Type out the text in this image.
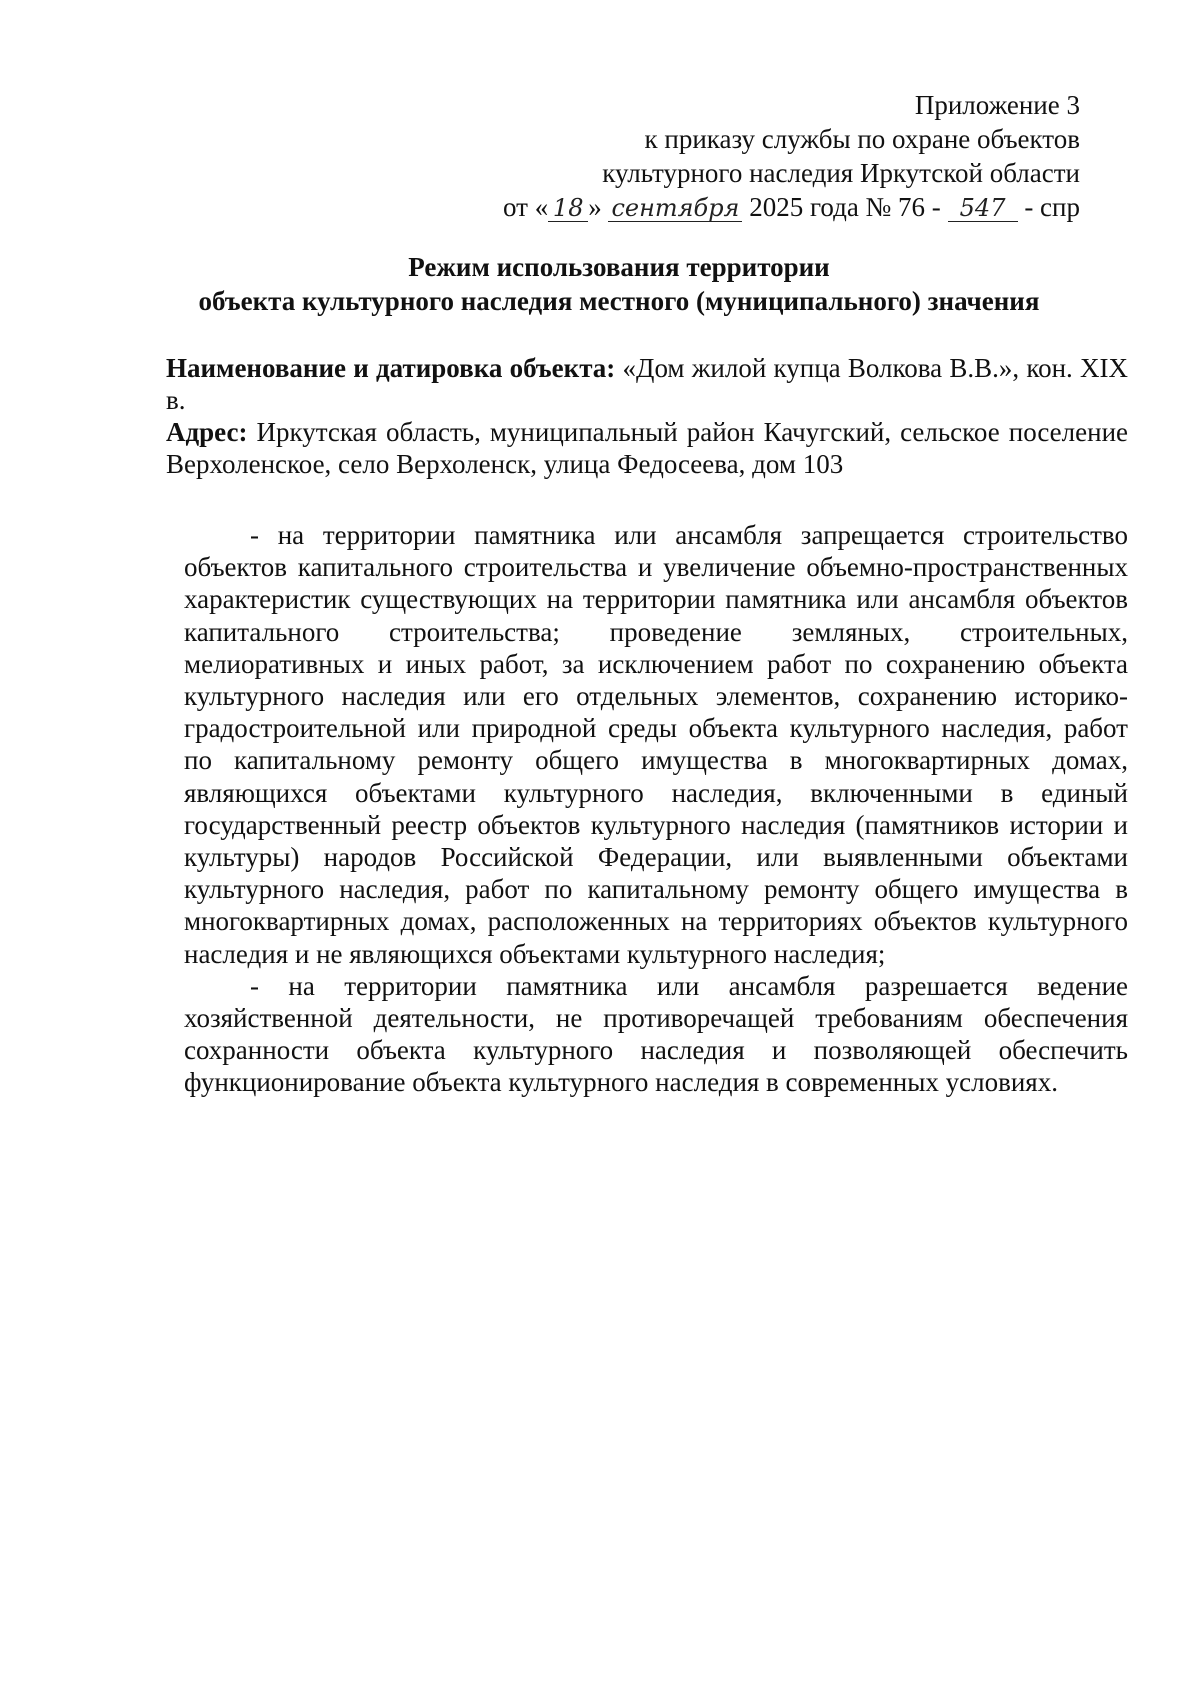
Приложение 3
к приказу службы по охране объектов
культурного наследия Иркутской области
от « 18 » сентября 2025 года № 76 - 547 - спр
Режим использования территории
объекта культурного наследия местного (муниципального) значения

Наименование и датировка объекта: «Дом жилой купца Волкова В.В.», кон. XIX в.

Адрес: Иркутская область, муниципальный район Качугский, сельское поселение Верхоленское, село Верхоленск, улица Федосеева, дом 103

- на территории памятника или ансамбля запрещается строительство объектов капитального строительства и увеличение объемно-пространственных характеристик существующих на территории памятника или ансамбля объектов капитального строительства; проведение земляных, строительных, мелиоративных и иных работ, за исключением работ по сохранению объекта культурного наследия или его отдельных элементов, сохранению историко-градостроительной или природной среды объекта культурного наследия, работ по капитальному ремонту общего имущества в многоквартирных домах, являющихся объектами культурного наследия, включенными в единый государственный реестр объектов культурного наследия (памятников истории и культуры) народов Российской Федерации, или выявленными объектами культурного наследия, работ по капитальному ремонту общего имущества в многоквартирных домах, расположенных на территориях объектов культурного наследия и не являющихся объектами культурного наследия;

- на территории памятника или ансамбля разрешается ведение хозяйственной деятельности, не противоречащей требованиям обеспечения сохранности объекта культурного наследия и позволяющей обеспечить функционирование объекта культурного наследия в современных условиях.
